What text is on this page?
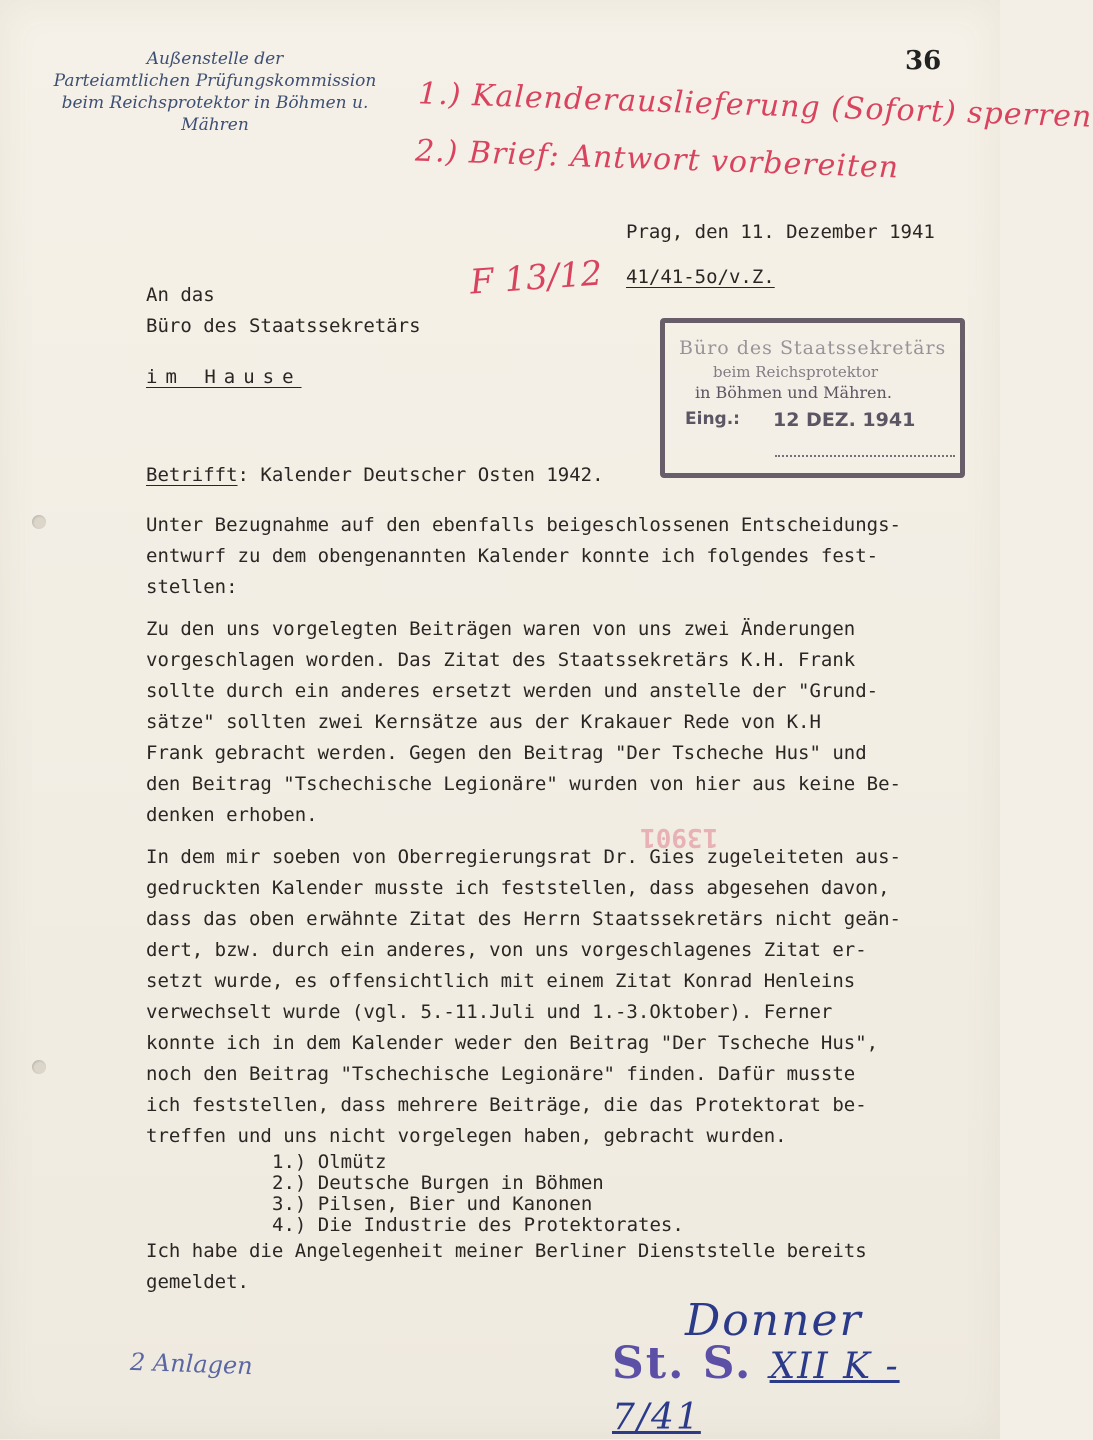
Außenstelle der
Parteiamtlichen Prüfungskommission
beim Reichsprotektor in Böhmen u.
Mähren
36
1.) Kalenderauslieferung (Sofort) sperren
2.) Brief: Antwort vorbereiten
F 13/12
Prag, den 11. Dezember 1941
41/41-5o/v.Z.
An das
Büro des Staatssekretärs
im Hause
Büro des Staatssekretärs
beim Reichsprotektor
in Böhmen und Mähren.
Eing.: 12 DEZ. 1941
Betrifft: Kalender Deutscher Osten 1942.
Unter Bezugnahme auf den ebenfalls beigeschlossenen Entscheidungs-
entwurf zu dem obengenannten Kalender konnte ich folgendes fest-
stellen:
Zu den uns vorgelegten Beiträgen waren von uns zwei Änderungen
vorgeschlagen worden. Das Zitat des Staatssekretärs K.H. Frank
sollte durch ein anderes ersetzt werden und anstelle der "Grund-
sätze" sollten zwei Kernsätze aus der Krakauer Rede von K.H
Frank gebracht werden. Gegen den Beitrag "Der Tscheche Hus" und
den Beitrag "Tschechische Legionäre" wurden von hier aus keine Be-
denken erhoben.
13901
In dem mir soeben von Oberregierungsrat Dr. Gies zugeleiteten aus-
gedruckten Kalender musste ich feststellen, dass abgesehen davon,
dass das oben erwähnte Zitat des Herrn Staatssekretärs nicht geän-
dert, bzw. durch ein anderes, von uns vorgeschlagenes Zitat er-
setzt wurde, es offensichtlich mit einem Zitat Konrad Henleins
verwechselt wurde (vgl. 5.-11.Juli und 1.-3.Oktober). Ferner
konnte ich in dem Kalender weder den Beitrag "Der Tscheche Hus",
noch den Beitrag "Tschechische Legionäre" finden. Dafür musste
ich feststellen, dass mehrere Beiträge, die das Protektorat be-
treffen und uns nicht vorgelegen haben, gebracht wurden.
1.) Olmütz
2.) Deutsche Burgen in Böhmen
3.) Pilsen, Bier und Kanonen
4.) Die Industrie des Protektorates.
Ich habe die Angelegenheit meiner Berliner Dienststelle bereits
gemeldet.
Donner
2 Anlagen	St. S. XII K - 7/41
